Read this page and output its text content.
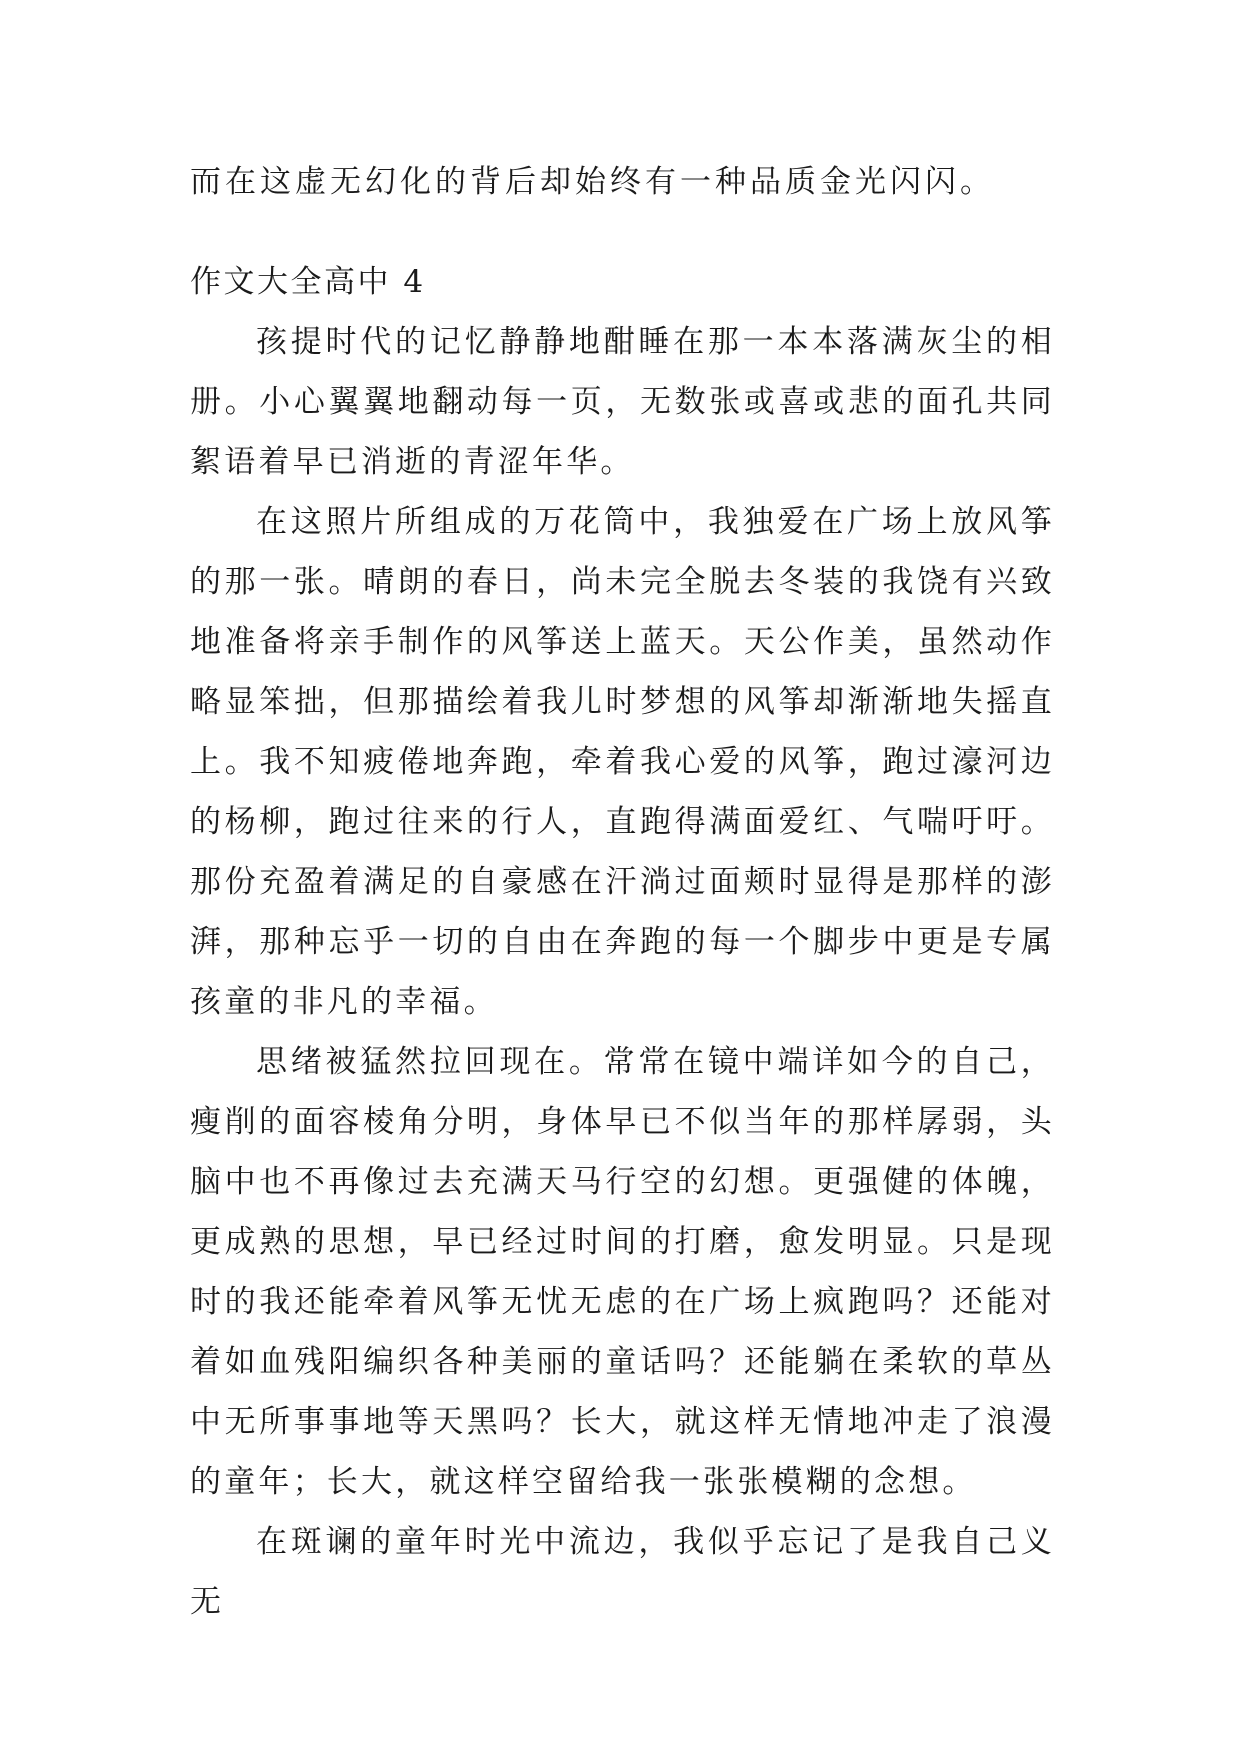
而在这虚无幻化的背后却始终有一种品质金光闪闪。

作文大全高中 4

孩提时代的记忆静静地酣睡在那一本本落满灰尘的相册。小心翼翼地翻动每一页，无数张或喜或悲的面孔共同絮语着早已消逝的青涩年华。

在这照片所组成的万花筒中，我独爱在广场上放风筝的那一张。晴朗的春日，尚未完全脱去冬装的我饶有兴致地准备将亲手制作的风筝送上蓝天。天公作美，虽然动作略显笨拙，但那描绘着我儿时梦想的风筝却渐渐地失摇直上。我不知疲倦地奔跑，牵着我心爱的风筝，跑过濠河边的杨柳，跑过往来的行人，直跑得满面爱红、气喘吁吁。那份充盈着满足的自豪感在汗淌过面颊时显得是那样的澎湃，那种忘乎一切的自由在奔跑的每一个脚步中更是专属孩童的非凡的幸福。

思绪被猛然拉回现在。常常在镜中端详如今的自己，瘦削的面容棱角分明，身体早已不似当年的那样孱弱，头脑中也不再像过去充满天马行空的幻想。更强健的体魄，更成熟的思想，早已经过时间的打磨，愈发明显。只是现时的我还能牵着风筝无忧无虑的在广场上疯跑吗？还能对着如血残阳编织各种美丽的童话吗？还能躺在柔软的草丛中无所事事地等天黑吗？长大，就这样无情地冲走了浪漫的童年；长大，就这样空留给我一张张模糊的念想。

在斑谰的童年时光中流边，我似乎忘记了是我自己义无
